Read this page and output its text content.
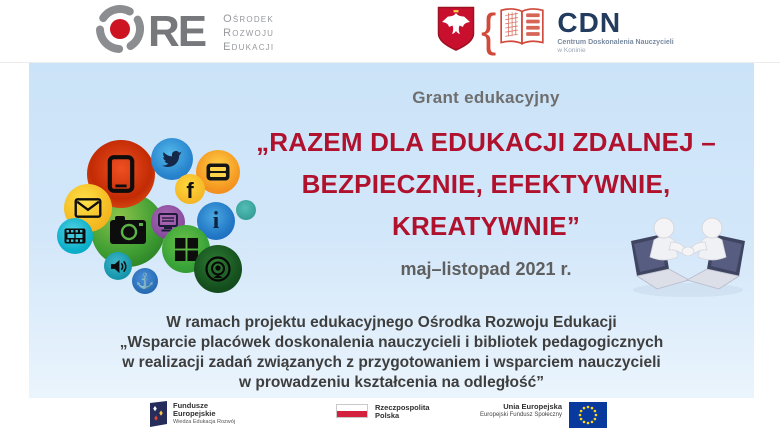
RE Ośrodek
Rozwoju
Edukacji	{ CDN
Centrum Doskonalenia Nauczycieli
w Koninie
f
i
⚓
Grant edukacyjny
„RAZEM DLA EDUKACJI ZDALNEJ –
BEZPIECZNIE, EFEKTYWNIE,
KREATYWNIE”
maj–listopad 2021 r.
W ramach projektu edukacyjnego Ośrodka Rozwoju Edukacji
„Wsparcie placówek doskonalenia nauczycieli i bibliotek pedagogicznych
w realizacji zadań związanych z przygotowaniem i wsparciem nauczycieli
w prowadzeniu kształcenia na odległość”
Fundusze
Europejskie
Wiedza Edukacja Rozwój
Rzeczpospolita
Polska
Unia Europejska
Europejski Fundusz Społeczny
